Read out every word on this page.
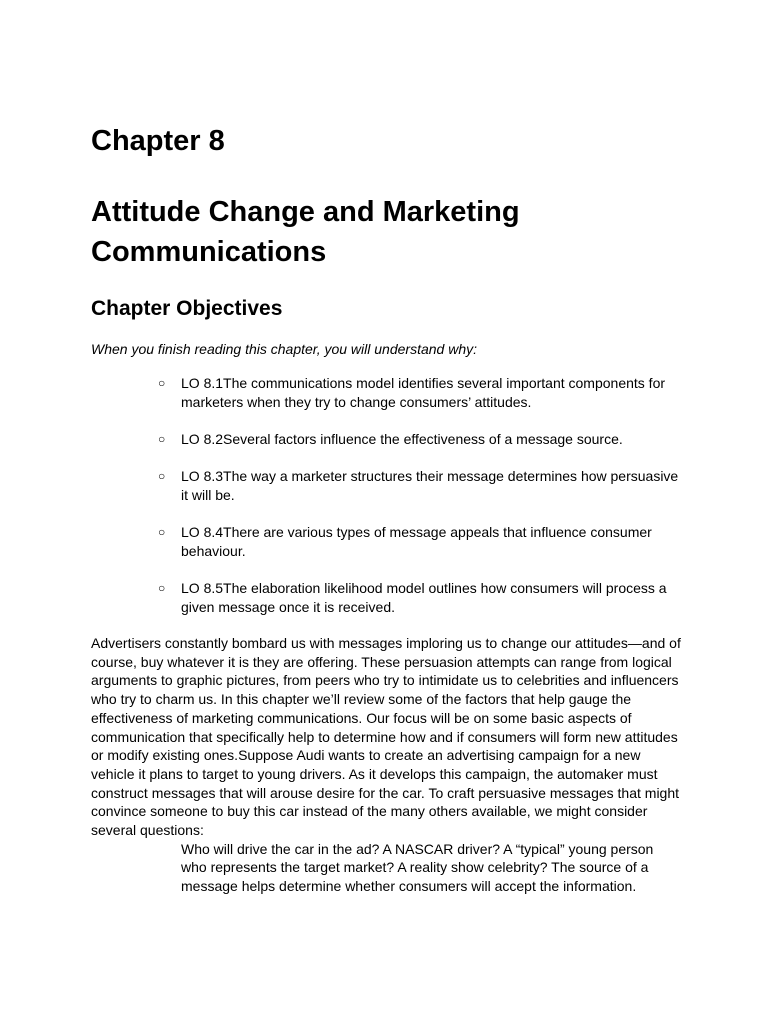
Chapter 8
Attitude Change and Marketing Communications
Chapter Objectives

When you finish reading this chapter, you will understand why:

○ LO 8.1The communications model identifies several important components for marketers when they try to change consumers’ attitudes.
○ LO 8.2Several factors influence the effectiveness of a message source.
○ LO 8.3The way a marketer structures their message determines how persuasive it will be.
○ LO 8.4There are various types of message appeals that influence consumer behaviour.
○ LO 8.5The elaboration likelihood model outlines how consumers will process a given message once it is received.
Advertisers constantly bombard us with messages imploring us to change our attitudes—and of course, buy whatever it is they are offering. These persuasion attempts can range from logical arguments to graphic pictures, from peers who try to intimidate us to celebrities and influencers who try to charm us. In this chapter we’ll review some of the factors that help gauge the effectiveness of marketing communications. Our focus will be on some basic aspects of communication that specifically help to determine how and if consumers will form new attitudes or modify existing ones.Suppose Audi wants to create an advertising campaign for a new vehicle it plans to target to young drivers. As it develops this campaign, the automaker must construct messages that will arouse desire for the car. To craft persuasive messages that might convince someone to buy this car instead of the many others available, we might consider several questions:
Who will drive the car in the ad? A NASCAR driver? A “typical” young person who represents the target market? A reality show celebrity? The source of a message helps determine whether consumers will accept the information.
